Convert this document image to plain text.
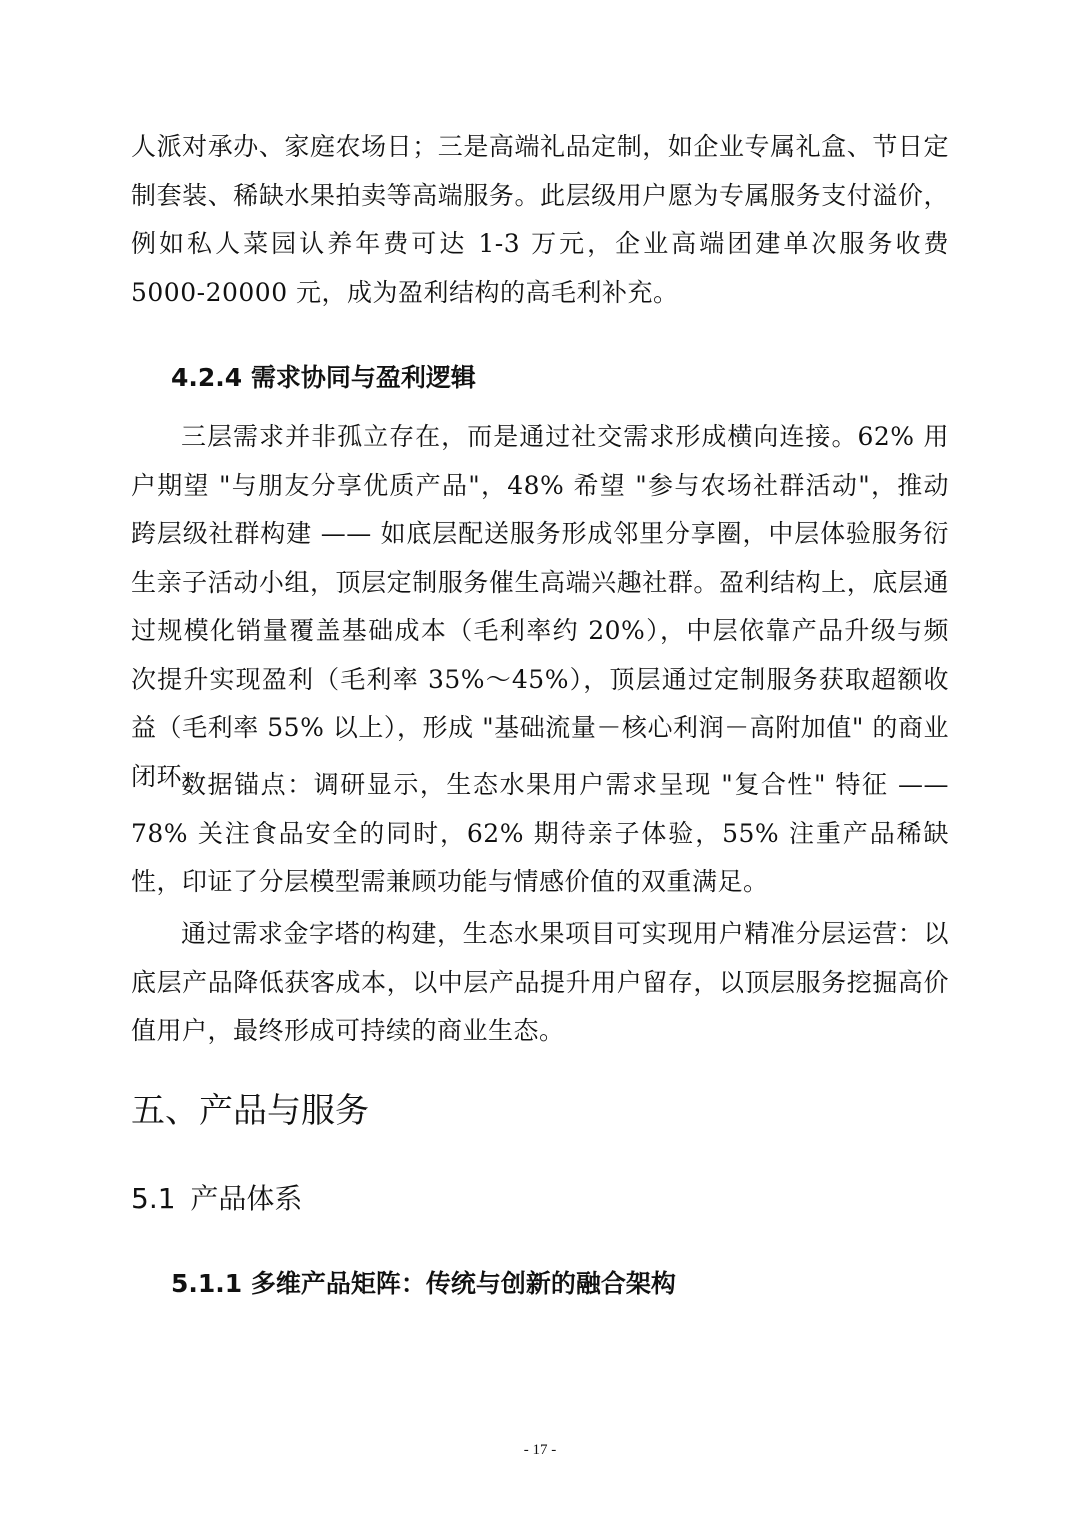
人派对承办、家庭农场日；三是高端礼品定制，如企业专属礼盒、节日定制套装、稀缺水果拍卖等高端服务。此层级用户愿为专属服务支付溢价，例如私人菜园认养年费可达 1-3 万元，企业高端团建单次服务收费 5000-20000 元，成为盈利结构的高毛利补充。

4.2.4 需求协同与盈利逻辑

三层需求并非孤立存在，而是通过社交需求形成横向连接。62% 用户期望 "与朋友分享优质产品"，48% 希望 "参与农场社群活动"，推动跨层级社群构建 —— 如底层配送服务形成邻里分享圈，中层体验服务衍生亲子活动小组，顶层定制服务催生高端兴趣社群。盈利结构上，底层通过规模化销量覆盖基础成本（毛利率约 20%），中层依靠产品升级与频次提升实现盈利（毛利率 35%～45%），顶层通过定制服务获取超额收益（毛利率 55% 以上），形成 "基础流量－核心利润－高附加值" 的商业闭环。

数据锚点：调研显示，生态水果用户需求呈现 "复合性" 特征 ——78% 关注食品安全的同时，62% 期待亲子体验，55% 注重产品稀缺性，印证了分层模型需兼顾功能与情感价值的双重满足。

通过需求金字塔的构建，生态水果项目可实现用户精准分层运营：以底层产品降低获客成本，以中层产品提升用户留存，以顶层服务挖掘高价值用户，最终形成可持续的商业生态。

五、产品与服务
5.1 产品体系
5.1.1 多维产品矩阵：传统与创新的融合架构
- 17 -
